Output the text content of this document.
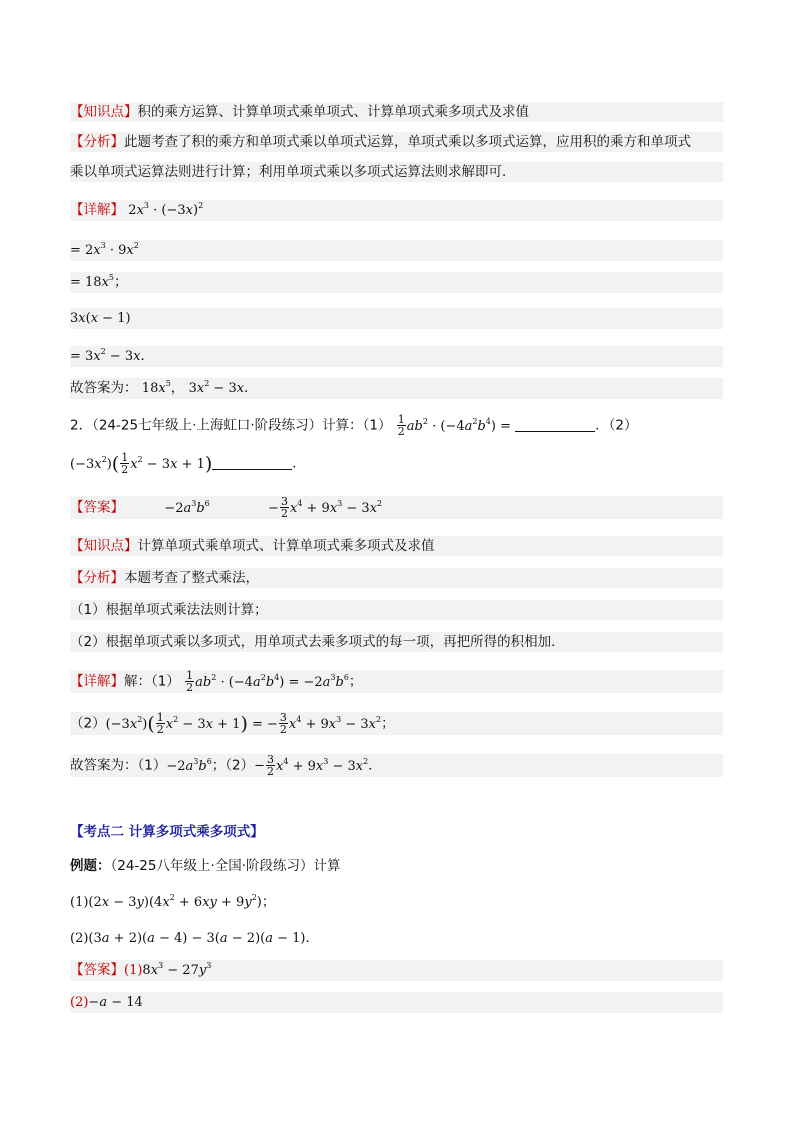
【知识点】积的乘方运算、计算单项式乘单项式、计算单项式乘多项式及求值
【分析】此题考查了积的乘方和单项式乘以单项式运算，单项式乘以多项式运算，应用积的乘方和单项式
乘以单项式运算法则进行计算；利用单项式乘以多项式运算法则求解即可．
【详解】 $2x^3 \cdot (-3x)^2$
= $2x^3 \cdot 9x^2$
= $18x^5$；
3x(x − 1)
= $3x^2 - 3x$．
故答案为： $18x^5$， $3x^2 - 3x$．
2．（24-25七年级上·上海虹口·阶段练习）计算：$(1) \frac{1}{2} ab^2 \cdot (-4a^2b^4)$ =	．（2）
$(-3x^2)( \frac{1}{2} x^2 - 3x + 1)$	．
【答案】	$-2a^3b^6$	− $\frac{3}{2} x^4 + 9x^3 - 3x^2$
【知识点】计算单项式乘单项式、计算单项式乘多项式及求值
【分析】本题考查了整式乘法，
（1）根据单项式乘法法则计算；
（2）根据单项式乘以多项式，用单项式去乘多项式的每一项，再把所得的积相加．
【详解】解：$(1) \frac{1}{2} ab^2 \cdot (-4a^2b^4) = -2a^3b^6$；
$(2)(-3x^2)( \frac{1}{2} x^2 - 3x + 1)$ = − $\frac{3}{2} x^4 + 9x^3 - 3x^2$；
故答案为：$(1)-2a^3b^6$；$(2)- \frac{3}{2} x^4 + 9x^3 - 3x^2$．
【考点二 计算多项式乘多项式】
例题：（24-25八年级上·全国·阶段练习）计算
$(1)(2x - 3y)(4x^2 + 6xy + 9y^2)$；
(2)(3a + 2)(a − 4) − 3(a − 2)(a − 1)．
【答案】$(1)8x^3 - 27y^3$
(2)−a − 14
